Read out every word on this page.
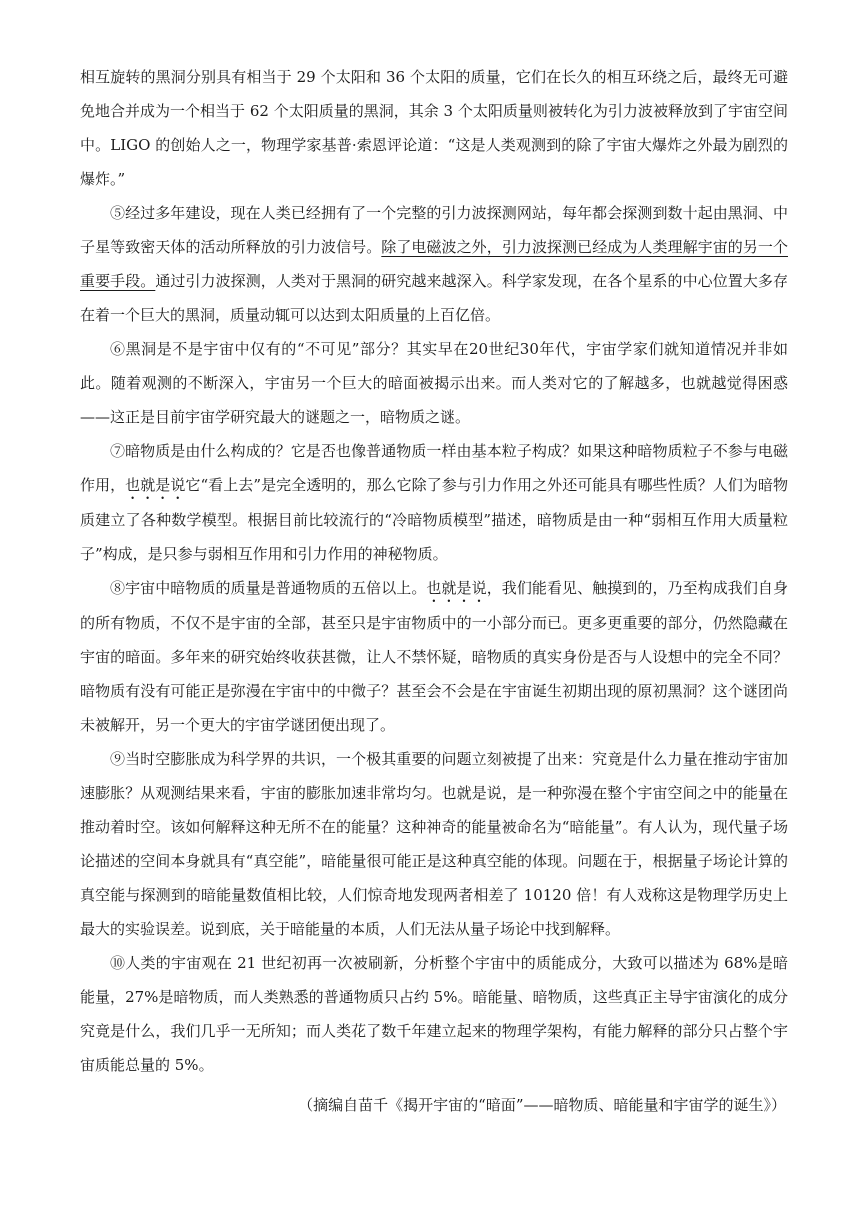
相互旋转的黑洞分别具有相当于 29 个太阳和 36 个太阳的质量，它们在长久的相互环绕之后，最终无可避免地合并成为一个相当于 62 个太阳质量的黑洞，其余 3 个太阳质量则被转化为引力波被释放到了宇宙空间中。LIGO 的创始人之一，物理学家基普·索恩评论道：“这是人类观测到的除了宇宙大爆炸之外最为剧烈的爆炸。”

⑤经过多年建设，现在人类已经拥有了一个完整的引力波探测网站，每年都会探测到数十起由黑洞、中子星等致密天体的活动所释放的引力波信号。除了电磁波之外，引力波探测已经成为人类理解宇宙的另一个重要手段。通过引力波探测，人类对于黑洞的研究越来越深入。科学家发现，在各个星系的中心位置大多存在着一个巨大的黑洞，质量动辄可以达到太阳质量的上百亿倍。

⑥黑洞是不是宇宙中仅有的“不可见”部分？其实早在20世纪30年代，宇宙学家们就知道情况并非如此。随着观测的不断深入，宇宙另一个巨大的暗面被揭示出来。而人类对它的了解越多，也就越觉得困惑——这正是目前宇宙学研究最大的谜题之一，暗物质之谜。

⑦暗物质是由什么构成的？它是否也像普通物质一样由基本粒子构成？如果这种暗物质粒子不参与电磁作用，也就是说它“看上去”是完全透明的，那么它除了参与引力作用之外还可能具有哪些性质？人们为暗物质建立了各种数学模型。根据目前比较流行的“冷暗物质模型”描述，暗物质是由一种“弱相互作用大质量粒子”构成，是只参与弱相互作用和引力作用的神秘物质。

⑧宇宙中暗物质的质量是普通物质的五倍以上。也就是说，我们能看见、触摸到的，乃至构成我们自身的所有物质，不仅不是宇宙的全部，甚至只是宇宙物质中的一小部分而已。更多更重要的部分，仍然隐藏在宇宙的暗面。多年来的研究始终收获甚微，让人不禁怀疑，暗物质的真实身份是否与人设想中的完全不同？暗物质有没有可能正是弥漫在宇宙中的中微子？甚至会不会是在宇宙诞生初期出现的原初黑洞？这个谜团尚未被解开，另一个更大的宇宙学谜团便出现了。

⑨当时空膨胀成为科学界的共识，一个极其重要的问题立刻被提了出来：究竟是什么力量在推动宇宙加速膨胀？从观测结果来看，宇宙的膨胀加速非常均匀。也就是说，是一种弥漫在整个宇宙空间之中的能量在推动着时空。该如何解释这种无所不在的能量？这种神奇的能量被命名为“暗能量”。有人认为，现代量子场论描述的空间本身就具有“真空能”，暗能量很可能正是这种真空能的体现。问题在于，根据量子场论计算的真空能与探测到的暗能量数值相比较，人们惊奇地发现两者相差了 10120 倍！有人戏称这是物理学历史上最大的实验误差。说到底，关于暗能量的本质，人们无法从量子场论中找到解释。

⑩人类的宇宙观在 21 世纪初再一次被刷新，分析整个宇宙中的质能成分，大致可以描述为 68%是暗能量，27%是暗物质，而人类熟悉的普通物质只占约 5%。暗能量、暗物质，这些真正主导宇宙演化的成分究竟是什么，我们几乎一无所知；而人类花了数千年建立起来的物理学架构，有能力解释的部分只占整个宇宙质能总量的 5%。

（摘编自苗千《揭开宇宙的“暗面”——暗物质、暗能量和宇宙学的诞生》）
